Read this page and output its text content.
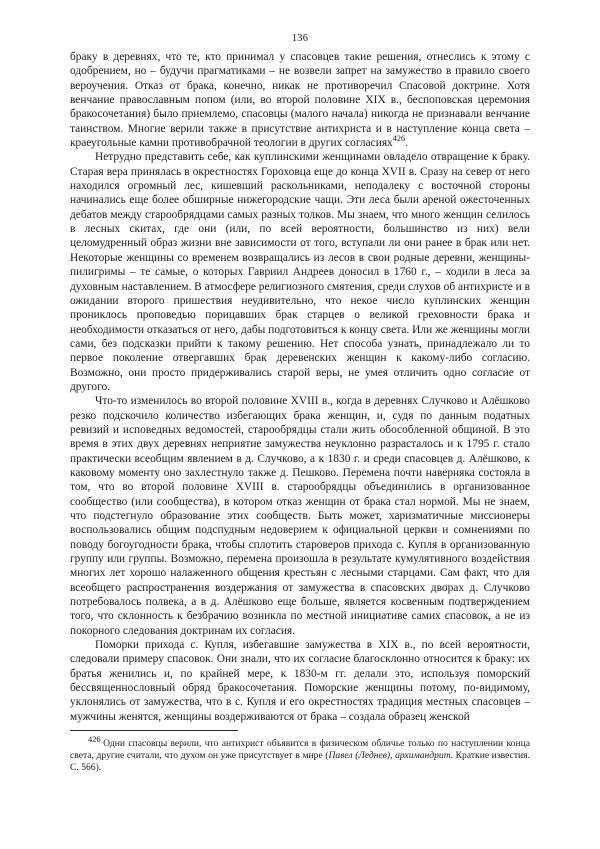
136

браку в деревнях, что те, кто принимал у спасовцев такие решения, отнеслись к этому с одобрением, но – будучи прагматиками – не возвели запрет на замужество в правило своего вероучения. Отказ от брака, конечно, никак не противоречил Спасовой доктрине. Хотя венчание православным попом (или, во второй половине XIX в., беспоповская церемония бракосочетания) было приемлемо, спасовцы (малого начала) никогда не признавали венчание таинством. Многие верили также в присутствие антихриста и в наступление конца света – краеугольные камни противобрачной теологии в других согласиях$^{426}$.

Нетрудно представить себе, как куплинскими женщинами овладело отвращение к браку. Старая вера принялась в окрестностях Гороховца еще до конца XVII в. Сразу на север от него находился огромный лес, кишевший раскольниками, неподалеку с восточной стороны начинались еще более обширные нижегородские чащи. Эти леса были ареной ожесточенных дебатов между старообрядцами самых разных толков. Мы знаем, что много женщин селилось в лесных скитах, где они (или, по всей вероятности, большинство из них) вели целомудренный образ жизни вне зависимости от того, вступали ли они ранее в брак или нет. Некоторые женщины со временем возвращались из лесов в свои родные деревни, женщины-пилигримы – те самые, о которых Гавриил Андреев доносил в 1760 г., – ходили в леса за духовным наставлением. В атмосфере религиозного смятения, среди слухов об антихристе и в ожидании второго пришествия неудивительно, что некое число куплинских женщин прониклось проповедью порицавших брак старцев о великой греховности брака и необходимости отказаться от него, дабы подготовиться к концу света. Или же женщины могли сами, без подсказки прийти к такому решению. Нет способа узнать, принадлежало ли то первое поколение отвергавших брак деревенских женщин к какому-либо согласию. Возможно, они просто придерживались старой веры, не умея отличить одно согласие от другого.

Что-то изменилось во второй половине XVIII в., когда в деревнях Случково и Алёшково резко подскочило количество избегающих брака женщин, и, судя по данным податных ревизий и исповедных ведомостей, старообрядцы стали жить обособленной общиной. В это время в этих двух деревнях неприятие замужества неуклонно разрасталось и к 1795 г. стало практически всеобщим явлением в д. Случково, а к 1830 г. и среди спасовцев д. Алёшково, к каковому моменту оно захлестнуло также д. Пешково. Перемена почти наверняка состояла в том, что во второй половине XVIII в. старообрядцы объединились в организованное сообщество (или сообщества), в котором отказ женщин от брака стал нормой. Мы не знаем, что подстегнуло образование этих сообществ. Быть может, харизматичные миссионеры воспользовались общим подспудным недоверием к официальной церкви и сомнениями по поводу богоугодности брака, чтобы сплотить староверов прихода с. Купля в организованную группу или группы. Возможно, перемена произошла в результате кумулятивного воздействия многих лет хорошо налаженного общения крестьян с лесными старцами. Сам факт, что для всеобщего распространения воздержания от замужества в спасовских дворах д. Случково потребовалось полвека, а в д. Алёшково еще больше, является косвенным подтверждением того, что склонность к безбрачию возникла по местной инициативе самих спасовок, а не из покорного следования доктринам их согласия.

Поморки прихода с. Купля, избегавшие замужества в XIX в., по всей вероятности, следовали примеру спасовок. Они знали, что их согласие благосклонно относится к браку: их братья женились и, по крайней мере, к 1830-м гг. делали это, используя поморский бессвященнословный обряд бракосочетания. Поморские женщины потому, по-видимому, уклонялись от замужества, что в с. Купля и его окрестностях традиция местных спасовцев – мужчины женятся, женщины воздерживаются от брака – создала образец женской

$^{426}$ Одни спасовцы верили, что антихрист объявится в физическом обличье только по наступлении конца света, другие считали, что духом он уже присутствует в мире (Павел (Леднев), архимандрит. Краткие известия. С. 566).
